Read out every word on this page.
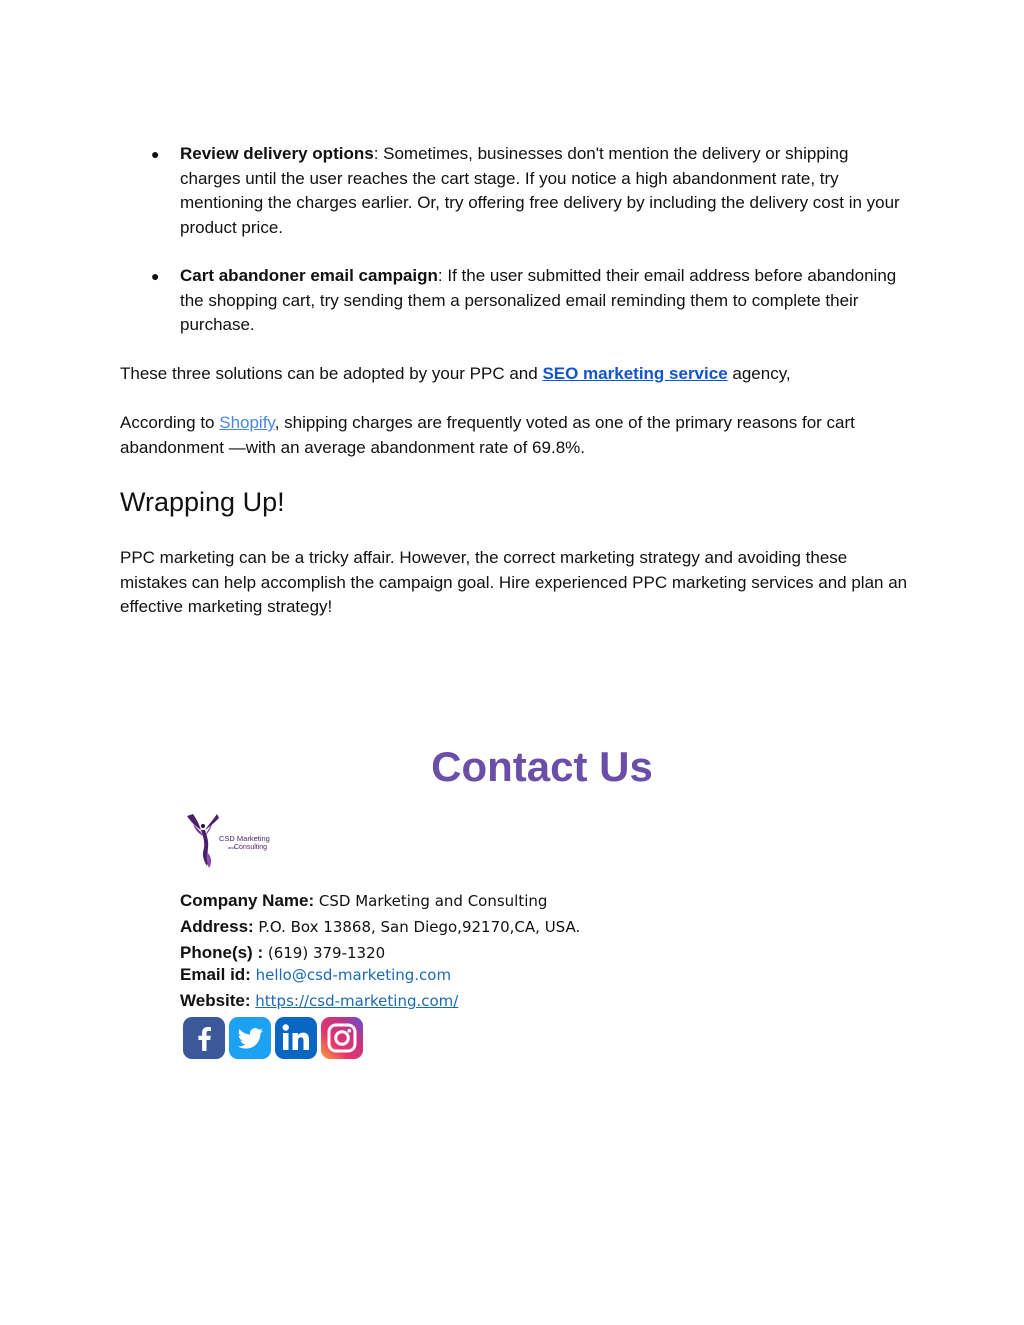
● Review delivery options: Sometimes, businesses don't mention the delivery or shipping charges until the user reaches the cart stage. If you notice a high abandonment rate, try mentioning the charges earlier. Or, try offering free delivery by including the delivery cost in your product price.
● Cart abandoner email campaign: If the user submitted their email address before abandoning the shopping cart, try sending them a personalized email reminding them to complete their purchase.

These three solutions can be adopted by your PPC and SEO marketing service agency,

According to Shopify, shipping charges are frequently voted as one of the primary reasons for cart abandonment —with an average abandonment rate of 69.8%.

Wrapping Up!

PPC marketing can be a tricky affair. However, the correct marketing strategy and avoiding these mistakes can help accomplish the campaign goal. Hire experienced PPC marketing services and plan an effective marketing strategy!

Contact Us
CSD Marketing
and Consulting
Company Name: CSD Marketing and Consulting
Address: P.O. Box 13868, San Diego,92170,CA, USA.
Phone(s) : (619) 379-1320
Email id: hello@csd-marketing.com
Website: https://csd-marketing.com/
